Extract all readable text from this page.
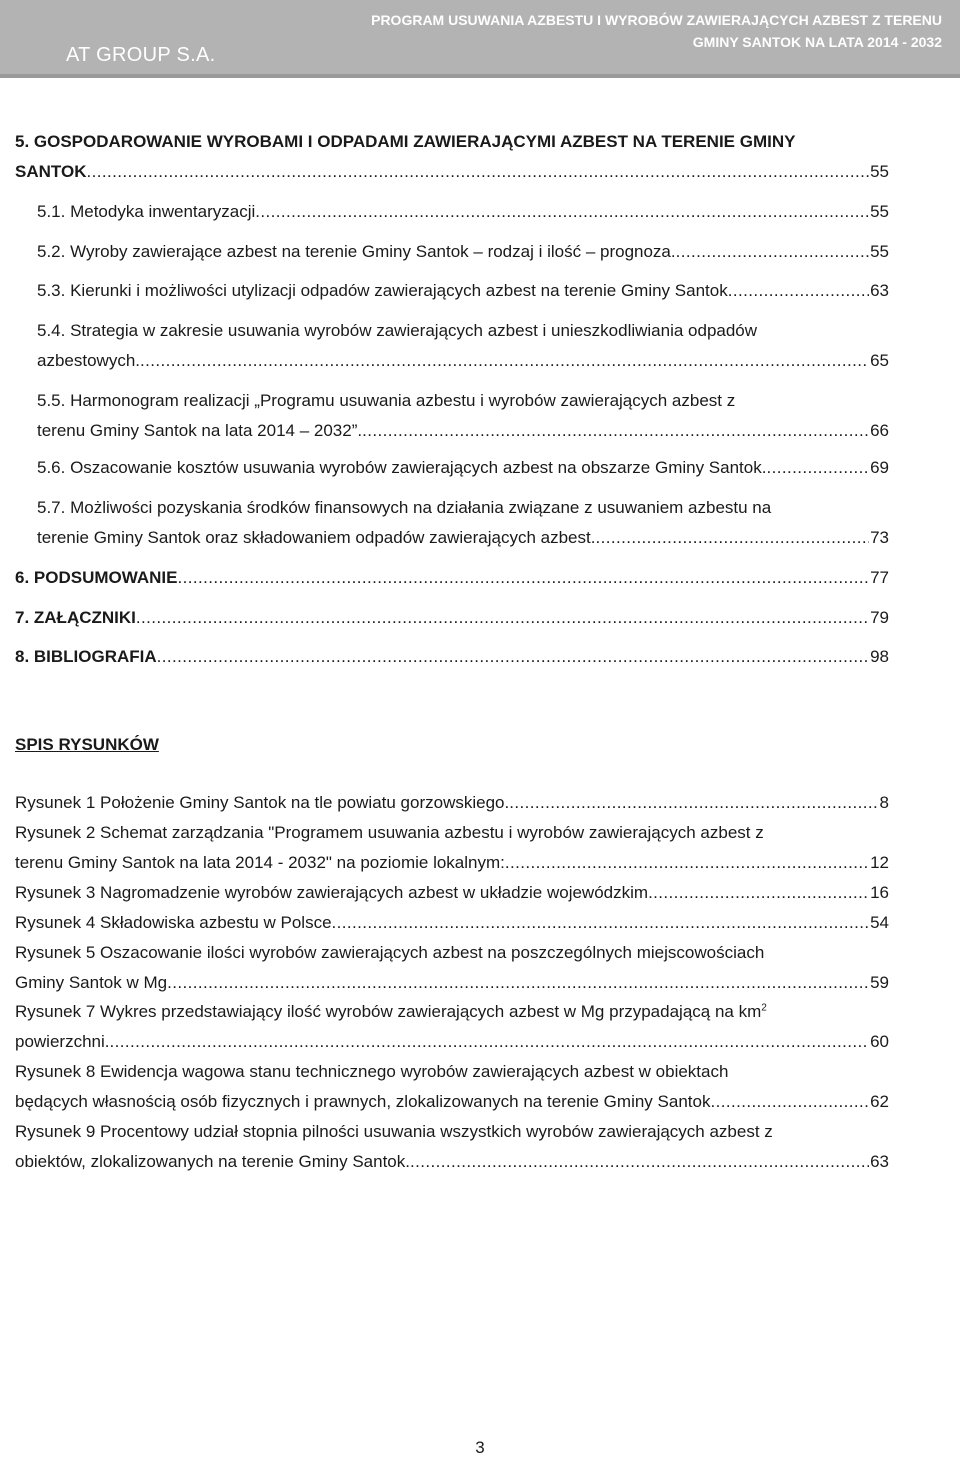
AT GROUP S.A.
PROGRAM USUWANIA AZBESTU I WYROBÓW ZAWIERAJĄCYCH AZBEST Z TERENU
GMINY SANTOK NA LATA 2014 - 2032
5. GOSPODAROWANIE WYROBAMI I ODPADAMI ZAWIERAJĄCYMI AZBEST NA TERENIE GMINY
SANTOK .....	55
5.1. Metodyka inwentaryzacji .....	55
5.2. Wyroby zawierające azbest na terenie Gminy Santok – rodzaj i ilość – prognoza. .....	55
5.3. Kierunki i możliwości utylizacji odpadów zawierających azbest na terenie Gminy Santok .....	63
5.4. Strategia w zakresie usuwania wyrobów zawierających azbest i unieszkodliwiania odpadów
azbestowych. .....	65
5.5. Harmonogram realizacji „Programu usuwania azbestu i wyrobów zawierających azbest z
terenu Gminy Santok na lata 2014 – 2032”. .....	66
5.6. Oszacowanie kosztów usuwania wyrobów zawierających azbest na obszarze Gminy Santok. .....	69
5.7. Możliwości pozyskania środków finansowych na działania związane z usuwaniem azbestu na
terenie Gminy Santok oraz składowaniem odpadów zawierających azbest. .....	73
6. PODSUMOWANIE .....	77
7. ZAŁĄCZNIKI .....	79
8. BIBLIOGRAFIA .....	98
SPIS RYSUNKÓW
Rysunek 1 Położenie Gminy Santok na tle powiatu gorzowskiego. .....	8
Rysunek 2 Schemat zarządzania "Programem usuwania azbestu i wyrobów zawierających azbest z
terenu Gminy Santok na lata 2014 - 2032" na poziomie lokalnym: .....	12
Rysunek 3 Nagromadzenie wyrobów zawierających azbest w układzie wojewódzkim .....	16
Rysunek 4 Składowiska azbestu w Polsce .....	54
Rysunek 5 Oszacowanie ilości wyrobów zawierających azbest na poszczególnych miejscowościach
Gminy Santok w Mg .....	59
Rysunek 7 Wykres przedstawiający ilość wyrobów zawierających azbest w Mg przypadającą na $km^2$
powierzchni. .....	60
Rysunek 8 Ewidencja wagowa stanu technicznego wyrobów zawierających azbest w obiektach
będących własnością osób fizycznych i prawnych, zlokalizowanych na terenie Gminy Santok .....	62
Rysunek 9 Procentowy udział stopnia pilności usuwania wszystkich wyrobów zawierających azbest z
obiektów, zlokalizowanych na terenie Gminy Santok. .....	63
3
